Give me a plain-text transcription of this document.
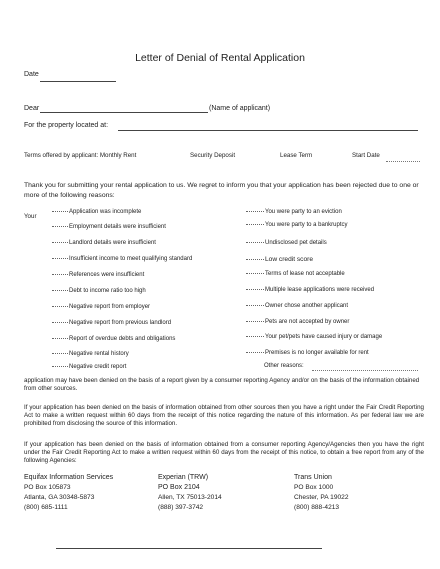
Letter of Denial of Rental Application
Date
Dear	(Name of applicant)
For the property located at:
Terms offered by applicant: Monthly Rent	Security Deposit	Lease Term	Start Date
Thank you for submitting your rental application to us. We regret to inform you that your application has been rejected due to one or more of the following reasons:
Your
Application was incomplete
Employment details were insufficient
Landlord details were insufficient
Insufficient income to meet qualifying standard
References were insufficient
Debt to income ratio too high
Negative report from employer
Negative report from previous landlord
Report of overdue debts and obligations
Negative rental history
Negative credit report
You were party to an eviction
You were party to a bankruptcy
Undisclosed pet details
Low credit score
Terms of lease not acceptable
Multiple lease applications were received
Owner chose another applicant
Pets are not accepted by owner
Your pet/pets have caused injury or damage
Premises is no longer available for rent
Other reasons:
application may have been denied on the basis of a report given by a consumer reporting Agency and/or on the basis of the information obtained from other sources.
If your application has been denied on the basis of information obtained from other sources then you have a right under the Fair Credit Reporting Act to make a written request within 60 days from the receipt of this notice regarding the nature of this information. As per federal law we are prohibited from disclosing the source of this information.
If your application has been denied on the basis of information obtained from a consumer reporting Agency/Agencies then you have the right under the Fair Credit Reporting Act to make a written request within 60 days from the receipt of this notice, to obtain a free report from any of the following Agencies:
Equifax Information Services
PO Box 105873
Atlanta, GA 30348-5873
(800) 685-1111
Experian (TRW)
PO Box 2104
Allen, TX 75013-2014
(888) 397-3742
Trans Union
PO Box 1000
Chester, PA 19022
(800) 888-4213
